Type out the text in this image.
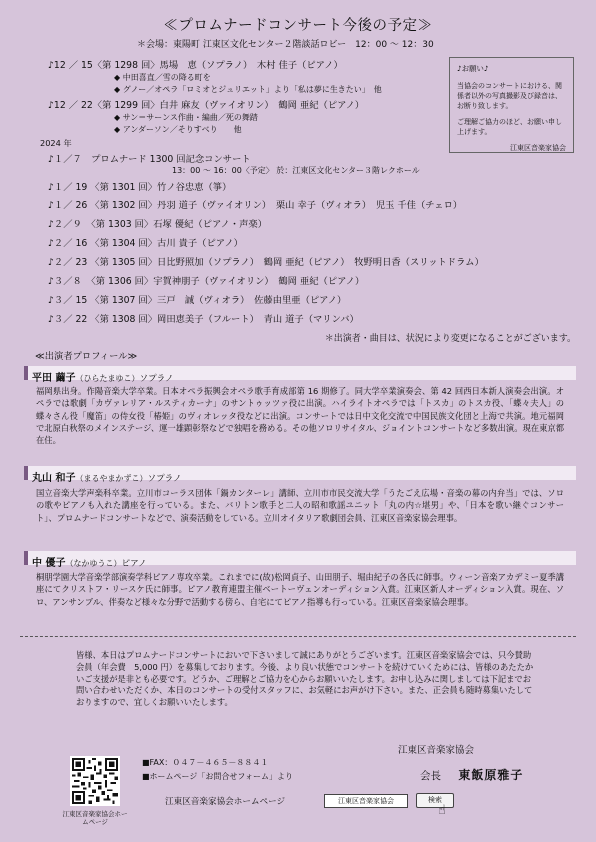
≪プロムナードコンサート今後の予定≫
＊会場：東陽町 江東区文化センター２階談話ロビー　12：00 ～ 12：30
♪12 ／ 15〈第 1298 回〉馬場　恵（ソプラノ）　木村 佳子（ピアノ）
◆ 中田喜直／雪の降る町を
◆ グノー／オペラ「ロミオとジュリエット」より「私は夢に生きたい」　他
♪12 ／ 22〈第 1299 回〉白井 麻友（ヴァイオリン）　鶴岡 亜紀（ピアノ）
◆ サン＝サーンス作曲・編曲／死の舞踏
◆ アンダーソン／そりすべり　　他
♪お願い♪
当協会のコンサートにおける、関係者以外の写真撮影及び録音は、お断り致します。
ご理解ご協力のほど、お願い申し上げます。
江東区音楽家協会
2024 年
♪１／７　プロムナード 1300 回記念コンサート
13：00 ～ 16：00〈予定〉 於：江東区文化センター３階レクホール
♪１／ 19 〈第 1301 回〉竹ノ谷忠恵（箏）
♪１／ 26 〈第 1302 回〉丹羽 道子（ヴァイオリン）　栗山 幸子（ヴィオラ）　児玉 千佳（チェロ）
♪２／９　〈第 1303 回〉石塚 優紀（ピアノ・声楽）
♪２／ 16 〈第 1304 回〉古川 貴子（ピアノ）
♪２／ 23 〈第 1305 回〉日比野照加（ソプラノ）　鶴岡 亜紀（ピアノ）　牧野明日香（スリットドラム）
♪３／８　〈第 1306 回〉宇賀神朋子（ヴァイオリン）　鶴岡 亜紀（ピアノ）
♪３／ 15 〈第 1307 回〉三戸　誠（ヴィオラ）　佐藤由里亜（ピアノ）
♪３／ 22 〈第 1308 回〉岡田恵美子（フルート）　青山 道子（マリンバ）
＊出演者・曲目は、状況により変更になることがございます。
≪出演者プロフィール≫
平田 繭子（ひらたまゆこ）ソプラノ
福岡県出身。作陽音楽大学卒業。日本オペラ振興会オペラ歌手育成部第 16 期修了。同大学卒業演奏会、第 42 回西日本新人演奏会出演。オペラでは歌劇「カヴァレリア・ルスティカーナ」のサントゥッツァ役に出演。ハイライトオペラでは「トスカ」のトスカ役、「蝶々夫人」の蝶々さん役「魔笛」の侍女役「椿姫」のヴィオレッタ役などに出演。コンサートでは日中文化交流で中国民族文化団と上海で共演。地元福岡で北原白秋祭のメインステージ、運一雄顕彰祭などで独唱を務める。その他ソロリサイタル、ジョイントコンサートなど多数出演。現在東京都在住。
丸山 和子（まるやまかずこ）ソプラノ
国立音楽大学声楽科卒業。立川市コーラス団体「鍋カンターレ」講師、立川市市民交流大学「うたごえ広場・音楽の幕の内弁当」では、ソロの歌やピアノも入れた講座を行っている。また、バリトン歌手と二人の昭和歌謡ユニット「丸の内☆堪男」や、「日本を歌い継ぐコンサート」、プロムナードコンサートなどで、演奏活動をしている。立川オイタリア歌劇団会員、江東区音楽家協会理事。
中 優子（なかゆうこ）ピアノ
桐朋学園大学音楽学部演奏学科ピアノ専攻卒業。これまでに(故)松岡貞子、山田朋子、堀由紀子の各氏に師事。ウィーン音楽アカデミー夏季講座にてクリストフ・リースケ氏に師事。ピアノ教育連盟主催ベートーヴェンオーディション入賞。江東区新人オーディション入賞。現在、ソロ、アンサンブル、伴奏など様々な分野で活動する傍ら、自宅にてピアノ指導も行っている。江東区音楽家協会理事。
皆様、本日はプロムナードコンサートにおいで下さいまして誠にありがとうございます。江東区音楽家協会では、只今賛助会員（年会費　5,000 円）を募集しております。今後、より良い状態でコンサートを続けていくためには、皆様のあたたかいご支援が是非とも必要です。どうか、ご理解とご協力を心からお願いいたします。お申し込みに関しましては下記までお問い合わせいただくか、本日のコンサートの受付スタッフに、お気軽にお声がけ下さい。また、正会員も随時募集いたしておりますので、宜しくお願いいたします。
江東区音楽家協会ホームページ
■FAX：０４７－４６５－８８４１
■ホームページ「お問合せフォーム」より
江東区音楽家協会
会長 東飯原雅子
江東区音楽家協会ホームページ	江東区音楽家協会	検索
☝
